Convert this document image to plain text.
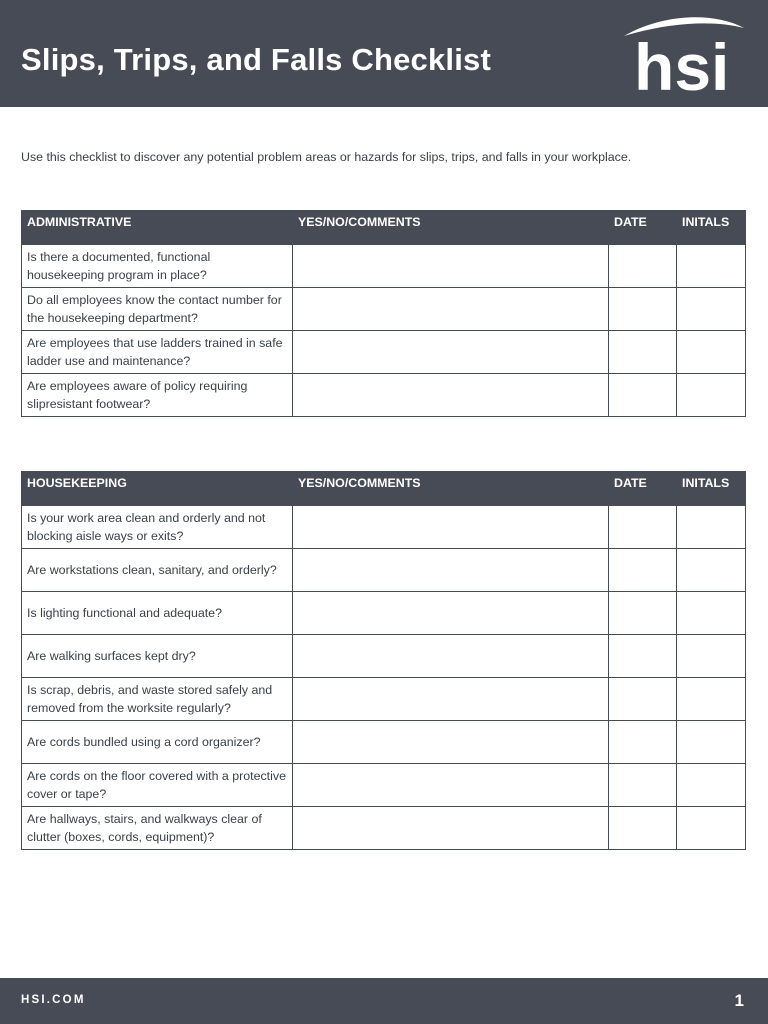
Slips, Trips, and Falls Checklist hsi

Use this checklist to discover any potential problem areas or hazards for slips, trips, and falls in your workplace.

ADMINISTRATIVE	YES/NO/COMMENTS	DATE	INITALS
Is there a documented, functional housekeeping program in place?			
Do all employees know the contact number for the housekeeping department?			
Are employees that use ladders trained in safe ladder use and maintenance?			
Are employees aware of policy requiring slipresistant footwear?			
HOUSEKEEPING	YES/NO/COMMENTS	DATE	INITALS
Is your work area clean and orderly and not blocking aisle ways or exits?			
Are workstations clean, sanitary, and orderly?			
Is lighting functional and adequate?			
Are walking surfaces kept dry?			
Is scrap, debris, and waste stored safely and removed from the worksite regularly?			
Are cords bundled using a cord organizer?			
Are cords on the floor covered with a protective cover or tape?			
Are hallways, stairs, and walkways clear of clutter (boxes, cords, equipment)?			
HSI.COM	1
